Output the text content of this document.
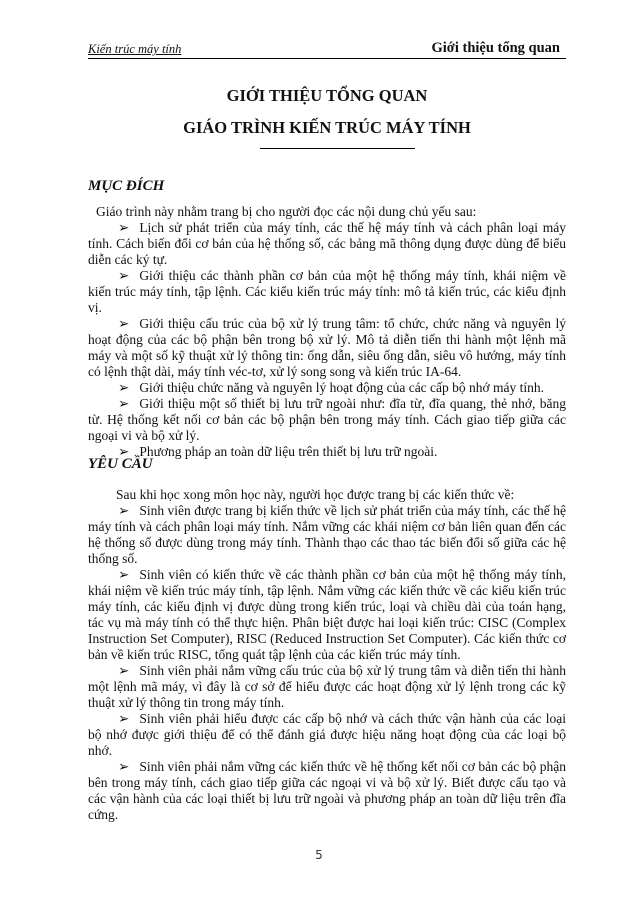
Kiến trúc máy tính	Giới thiệu tổng quan
GIỚI THIỆU TỔNG QUAN
GIÁO TRÌNH KIẾN TRÚC MÁY TÍNH
MỤC ĐÍCH

Giáo trình này nhằm trang bị cho người đọc các nội dung chủ yếu sau:

➢ Lịch sử phát triển của máy tính, các thế hệ máy tính và cách phân loại máy tính. Cách biến đổi cơ bản của hệ thống số, các bảng mã thông dụng được dùng để biểu diễn các ký tự.

➢ Giới thiệu các thành phần cơ bản của một hệ thống máy tính, khái niệm về kiến trúc máy tính, tập lệnh. Các kiểu kiến trúc máy tính: mô tả kiến trúc, các kiểu định vị.

➢ Giới thiệu cấu trúc của bộ xử lý trung tâm: tổ chức, chức năng và nguyên lý hoạt động của các bộ phận bên trong bộ xử lý. Mô tả diễn tiến thi hành một lệnh mã máy và một số kỹ thuật xử lý thông tin: ống dẫn, siêu ống dẫn, siêu vô hướng, máy tính có lệnh thật dài, máy tính véc-tơ, xử lý song song và kiến trúc IA-64.

➢ Giới thiệu chức năng và nguyên lý hoạt động của các cấp bộ nhớ máy tính.

➢ Giới thiệu một số thiết bị lưu trữ ngoài như: đĩa từ, đĩa quang, thẻ nhớ, băng từ. Hệ thống kết nối cơ bản các bộ phận bên trong máy tính. Cách giao tiếp giữa các ngoại vi và bộ xử lý.

➢ Phương pháp an toàn dữ liệu trên thiết bị lưu trữ ngoài.

YÊU CẦU

Sau khi học xong môn học này, người học được trang bị các kiến thức về:

➢ Sinh viên được trang bị kiến thức về lịch sử phát triển của máy tính, các thế hệ máy tính và cách phân loại máy tính. Nắm vững các khái niệm cơ bản liên quan đến các hệ thống số được dùng trong máy tính. Thành thạo các thao tác biến đổi số giữa các hệ thống số.

➢ Sinh viên có kiến thức về các thành phần cơ bản của một hệ thống máy tính, khái niệm về kiến trúc máy tính, tập lệnh. Nắm vững các kiến thức về các kiểu kiến trúc máy tính, các kiểu định vị được dùng trong kiến trúc, loại và chiều dài của toán hạng, tác vụ mà máy tính có thể thực hiện. Phân biệt được hai loại kiến trúc: CISC (Complex Instruction Set Computer), RISC (Reduced Instruction Set Computer). Các kiến thức cơ bản về kiến trúc RISC, tổng quát tập lệnh của các kiến trúc máy tính.

➢ Sinh viên phải nắm vững cấu trúc của bộ xử lý trung tâm và diễn tiến thi hành một lệnh mã máy, vì đây là cơ sở để hiểu được các hoạt động xử lý lệnh trong các kỹ thuật xử lý thông tin trong máy tính.

➢ Sinh viên phải hiểu được các cấp bộ nhớ và cách thức vận hành của các loại bộ nhớ được giới thiệu để có thể đánh giá được hiệu năng hoạt động của các loại bộ nhớ.

➢ Sinh viên phải nắm vững các kiến thức về hệ thống kết nối cơ bản các bộ phận bên trong máy tính, cách giao tiếp giữa các ngoại vi và bộ xử lý. Biết được cấu tạo và các vận hành của các loại thiết bị lưu trữ ngoài và phương pháp an toàn dữ liệu trên đĩa cứng.

5
